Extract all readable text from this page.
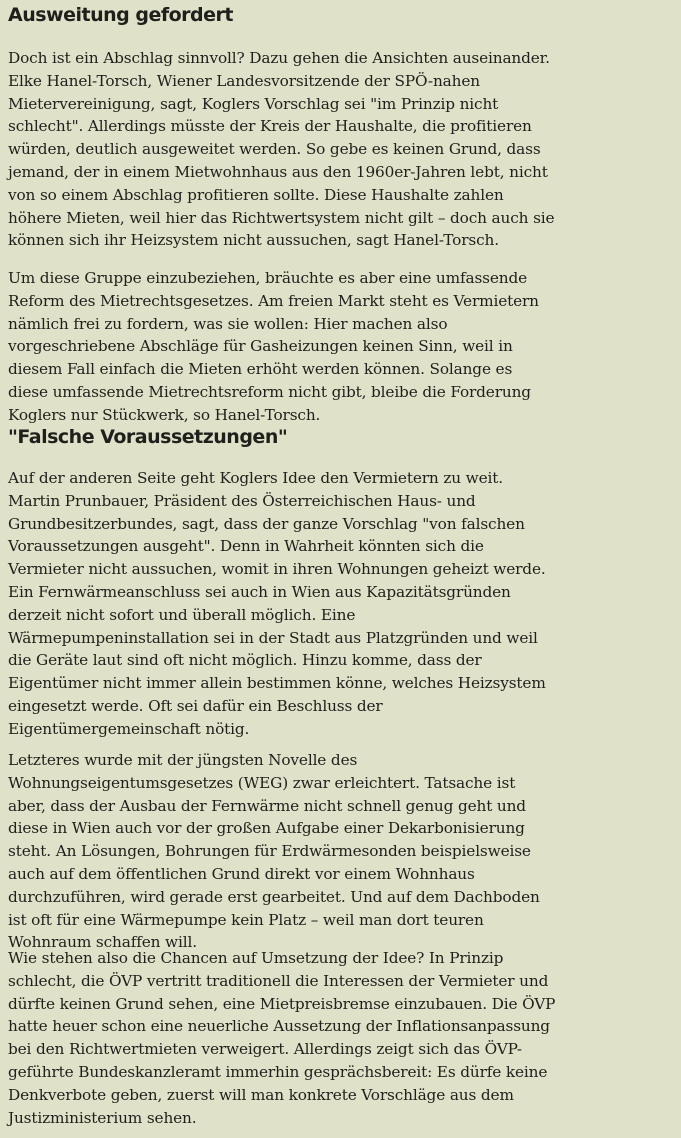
Ausweitung gefordert

Doch ist ein Abschlag sinnvoll? Dazu gehen die Ansichten auseinander. Elke Hanel-Torsch, Wiener Landesvorsitzende der SPÖ-nahen Mietervereinigung, sagt, Koglers Vorschlag sei "im Prinzip nicht schlecht". Allerdings müsste der Kreis der Haushalte, die profitieren würden, deutlich ausgeweitet werden. So gebe es keinen Grund, dass jemand, der in einem Mietwohnhaus aus den 1960er-Jahren lebt, nicht von so einem Abschlag profitieren sollte. Diese Haushalte zahlen höhere Mieten, weil hier das Richtwertsystem nicht gilt – doch auch sie können sich ihr Heizsystem nicht aussuchen, sagt Hanel-Torsch.

Um diese Gruppe einzubeziehen, bräuchte es aber eine umfassende Reform des Mietrechtsgesetzes. Am freien Markt steht es Vermietern nämlich frei zu fordern, was sie wollen: Hier machen also vorgeschriebene Abschläge für Gasheizungen keinen Sinn, weil in diesem Fall einfach die Mieten erhöht werden können. Solange es diese umfassende Mietrechtsreform nicht gibt, bleibe die Forderung Koglers nur Stückwerk, so Hanel-Torsch.

"Falsche Voraussetzungen"

Auf der anderen Seite geht Koglers Idee den Vermietern zu weit. Martin Prunbauer, Präsident des Österreichischen Haus- und Grundbesitzerbundes, sagt, dass der ganze Vorschlag "von falschen Voraussetzungen ausgeht". Denn in Wahrheit könnten sich die Vermieter nicht aussuchen, womit in ihren Wohnungen geheizt werde. Ein Fernwärmeanschluss sei auch in Wien aus Kapazitätsgründen derzeit nicht sofort und überall möglich. Eine Wärmepumpeninstallation sei in der Stadt aus Platzgründen und weil die Geräte laut sind oft nicht möglich. Hinzu komme, dass der Eigentümer nicht immer allein bestimmen könne, welches Heizsystem eingesetzt werde. Oft sei dafür ein Beschluss der Eigentümergemeinschaft nötig.

Letzteres wurde mit der jüngsten Novelle des Wohnungseigentumsgesetzes (WEG) zwar erleichtert. Tatsache ist aber, dass der Ausbau der Fernwärme nicht schnell genug geht und diese in Wien auch vor der großen Aufgabe einer Dekarbonisierung steht. An Lösungen, Bohrungen für Erdwärmesonden beispielsweise auch auf dem öffentlichen Grund direkt vor einem Wohnhaus durchzuführen, wird gerade erst gearbeitet. Und auf dem Dachboden ist oft für eine Wärmepumpe kein Platz – weil man dort teuren Wohnraum schaffen will.

Wie stehen also die Chancen auf Umsetzung der Idee? In Prinzip schlecht, die ÖVP vertritt traditionell die Interessen der Vermieter und dürfte keinen Grund sehen, eine Mietpreisbremse einzubauen. Die ÖVP hatte heuer schon eine neuerliche Aussetzung der Inflationsanpassung bei den Richtwertmieten verweigert. Allerdings zeigt sich das ÖVP-geführte Bundeskanzleramt immerhin gesprächsbereit: Es dürfe keine Denkverbote geben, zuerst will man konkrete Vorschläge aus dem Justizministerium sehen.
